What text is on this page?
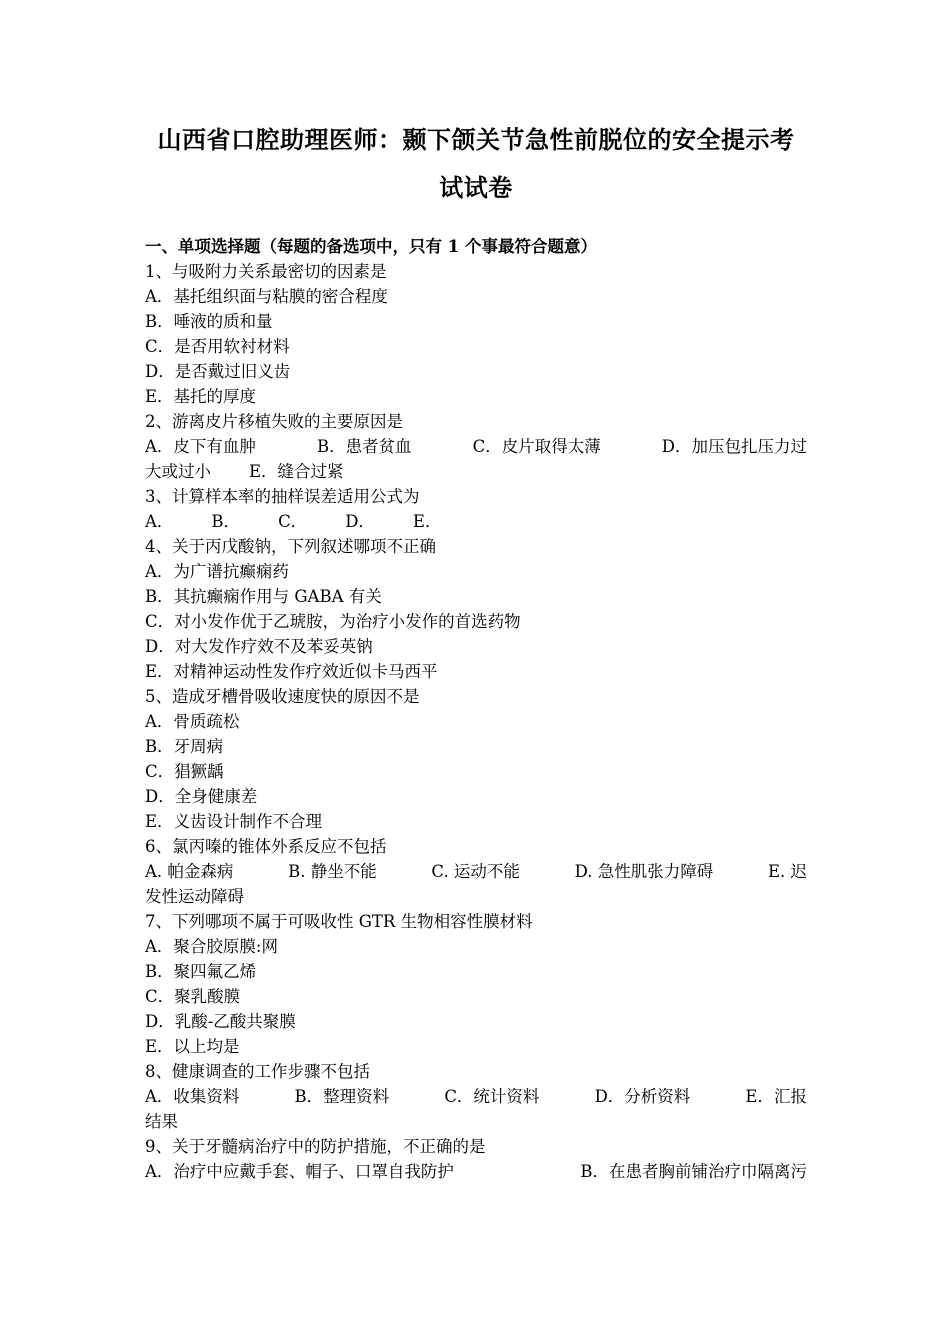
山西省口腔助理医师：颞下颌关节急性前脱位的安全提示考
试试卷
一、单项选择题（每题的备选项中，只有 1 个事最符合题意）
1、与吸附力关系最密切的因素是
A．基托组织面与粘膜的密合程度
B．唾液的质和量
C．是否用软衬材料
D．是否戴过旧义齿
E．基托的厚度
2、游离皮片移植失败的主要原因是
A．皮下有血肿	B．患者贫血	C．皮片取得太薄	D．加压包扎压力过
大或过小 E．缝合过紧
3、计算样本率的抽样误差适用公式为
A． B． C． D． E．
4、关于丙戊酸钠，下列叙述哪项不正确
A．为广谱抗癫痫药
B．其抗癫痫作用与 GABA 有关
C．对小发作优于乙琥胺，为治疗小发作的首选药物
D．对大发作疗效不及苯妥英钠
E．对精神运动性发作疗效近似卡马西平
5、造成牙槽骨吸收速度快的原因不是
A．骨质疏松
B．牙周病
C．猖獗龋
D．全身健康差
E．义齿设计制作不合理
6、氯丙嗪的锥体外系反应不包括
A. 帕金森病	B. 静坐不能	C. 运动不能	D. 急性肌张力障碍	E. 迟
发性运动障碍
7、下列哪项不属于可吸收性 GTR 生物相容性膜材料
A．聚合胶原膜:网
B．聚四氟乙烯
C．聚乳酸膜
D．乳酸-乙酸共聚膜
E．以上均是
8、健康调查的工作步骤不包括
A．收集资料	B．整理资料	C．统计资料	D．分析资料	E．汇报
结果
9、关于牙髓病治疗中的防护措施，不正确的是
A．治疗中应戴手套、帽子、口罩自我防护	B．在患者胸前铺治疗巾隔离污
